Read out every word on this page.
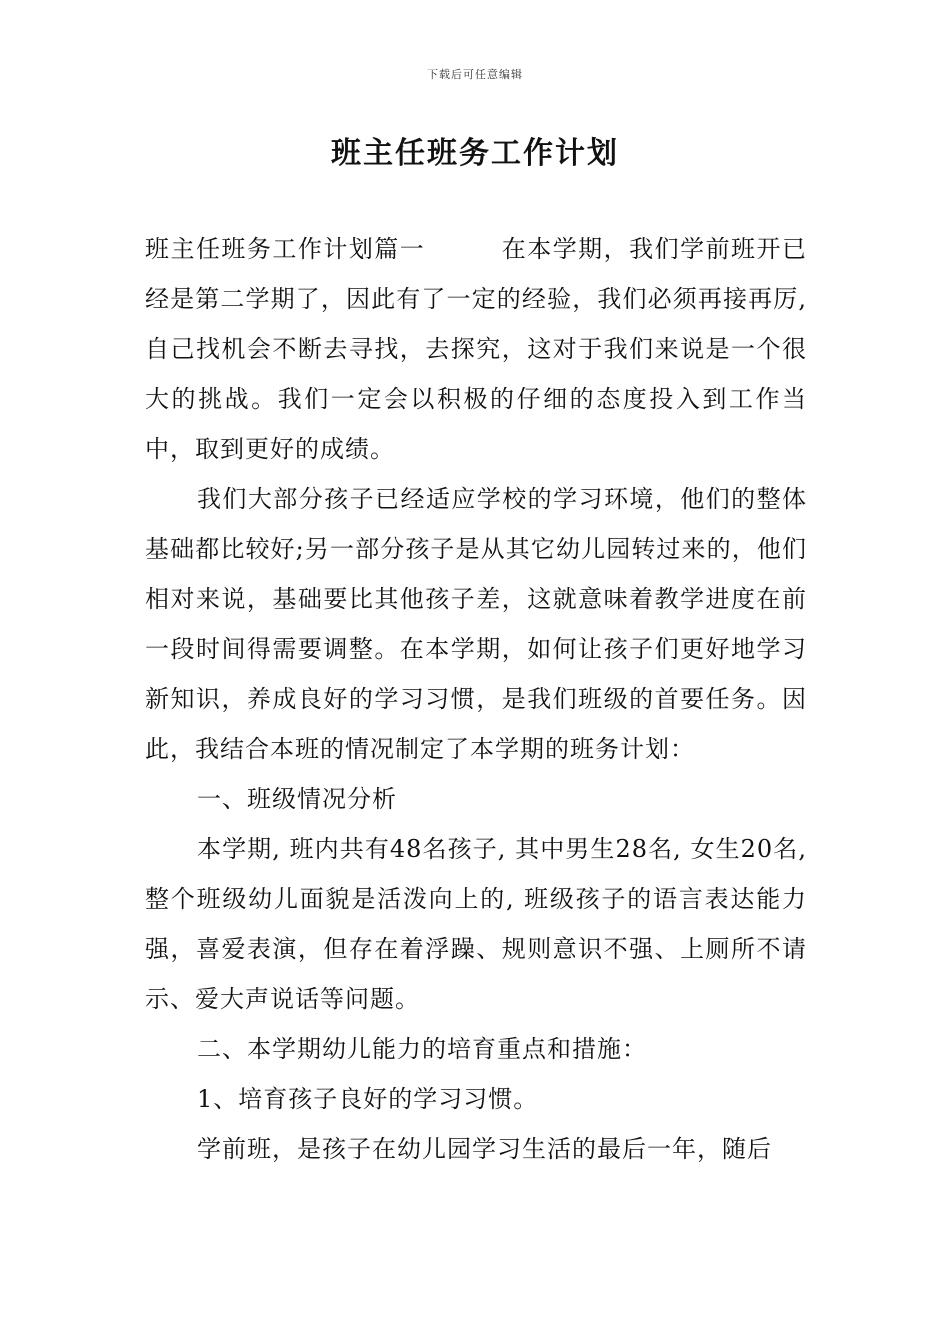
下载后可任意编辑
班主任班务工作计划

班主任班务工作计划篇一	在本学期，我们学前班开已经是第二学期了，因此有了一定的经验，我们必须再接再厉,自己找机会不断去寻找，去探究，这对于我们来说是一个很大的挑战。我们一定会以积极的仔细的态度投入到工作当中，取到更好的成绩。

我们大部分孩子已经适应学校的学习环境，他们的整体基础都比较好;另一部分孩子是从其它幼儿园转过来的，他们相对来说，基础要比其他孩子差，这就意味着教学进度在前一段时间得需要调整。在本学期，如何让孩子们更好地学习新知识，养成良好的学习习惯，是我们班级的首要任务。因此，我结合本班的情况制定了本学期的班务计划：

一、班级情况分析

本学期, 班内共有48名孩子, 其中男生28名, 女生20名,整个班级幼儿面貌是活泼向上的, 班级孩子的语言表达能力强，喜爱表演，但存在着浮躁、规则意识不强、上厕所不请示、爱大声说话等问题。

二、本学期幼儿能力的培育重点和措施：

1、培育孩子良好的学习习惯。

学前班，是孩子在幼儿园学习生活的最后一年，随后
